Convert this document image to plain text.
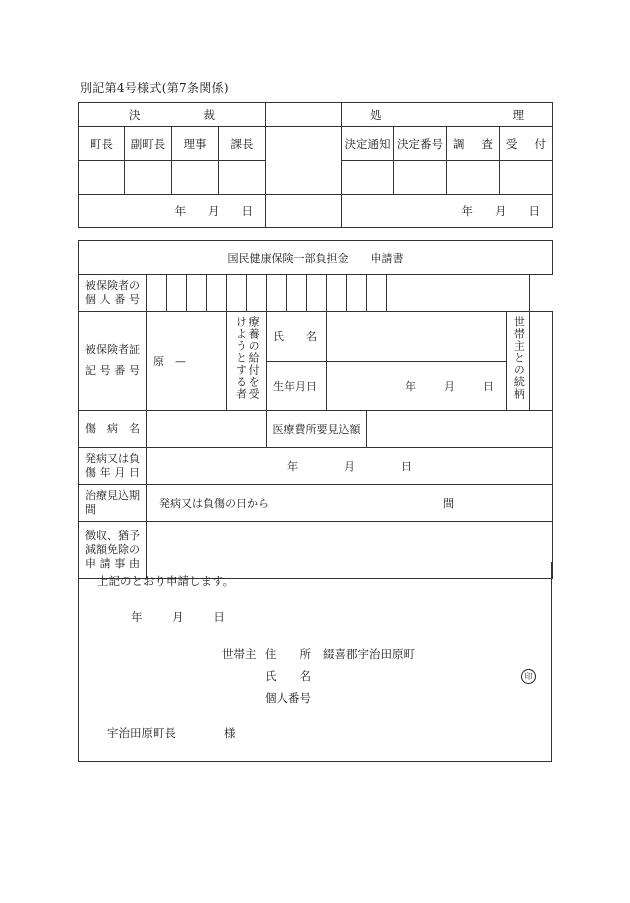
別記第4号様式(第7条関係)
決 裁					処 理			

町長	副町長	理事	課長		決定通知	決定番号	調 査	受 付

年 月 日					年 月 日			
国民健康保険一部負担金　　申請書															
被保険者の個人番号															
被保険者証記号番号	原　—				療養の給付を受けようとする者		氏　　名							世帯主との続柄	

							生年月日			年 月 日					

傷　病　名							医療費所要見込額								
発病又は負傷年月日	年 月 日														

治療見込期間	発病又は負傷の日から 間														

徴収、猶予減額免除の申請事由															
上記のとおり申請します。
年	月	日
世帯主 住　　所 綴喜郡宇治田原町
氏　　名	印
個人番号
宇治田原町長	様
